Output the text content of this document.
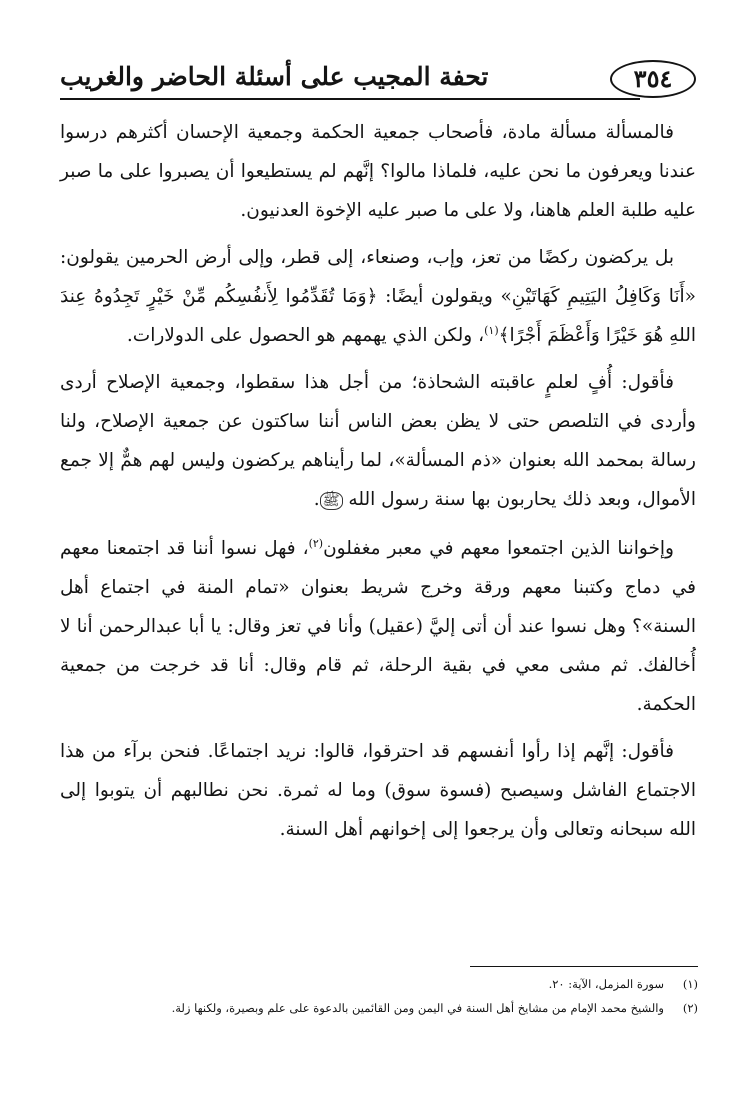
٣٥٤
تحفة المجيب على أسئلة الحاضر والغريب

فالمسألة مسألة مادة، فأصحاب جمعية الحكمة وجمعية الإحسان أكثرهم درسوا عندنا ويعرفون ما نحن عليه، فلماذا مالوا؟ إنَّهم لم يستطيعوا أن يصبروا على ما صبر عليه طلبة العلم هاهنا، ولا على ما صبر عليه الإخوة العدنيون.

بل يركضون ركضًا من تعز، وإب، وصنعاء، إلى قطر، وإلى أرض الحرمين يقولون: «أَنَا وَكَافِلُ اليَتِيمِ كَهَاتَيْنِ» ويقولون أيضًا: ﴿وَمَا تُقَدِّمُوا لِأَنفُسِكُم مِّنْ خَيْرٍ تَجِدُوهُ عِندَ اللهِ هُوَ خَيْرًا وَأَعْظَمَ أَجْرًا﴾$^{(١)}$، ولكن الذي يهمهم هو الحصول على الدولارات.

فأقول: أُفٍ لعلمٍ عاقبته الشحاذة؛ من أجل هذا سقطوا، وجمعية الإصلاح أردى وأردى في التلصص حتى لا يظن بعض الناس أننا ساكتون عن جمعية الإصلاح، ولنا رسالة بمحمد الله بعنوان «ذم المسألة»، لما رأيناهم يركضون وليس لهم همٌّ إلا جمع الأموال، وبعد ذلك يحاربون بها سنة رسول الله ﷺ.

وإخواننا الذين اجتمعوا معهم في معبر مغفلون$^{(٢)}$، فهل نسوا أننا قد اجتمعنا معهم في دماج وكتبنا معهم ورقة وخرج شريط بعنوان «تمام المنة في اجتماع أهل السنة»؟ وهل نسوا عند أن أتى إليَّ (عقيل) وأنا في تعز وقال: يا أبا عبدالرحمن أنا لا أُخالفك. ثم مشى معي في بقية الرحلة، ثم قام وقال: أنا قد خرجت من جمعية الحكمة.

فأقول: إنَّهم إذا رأوا أنفسهم قد احترقوا، قالوا: نريد اجتماعًا. فنحن برآء من هذا الاجتماع الفاشل وسيصبح (فسوة سوق) وما له ثمرة. نحن نطالبهم أن يتوبوا إلى الله سبحانه وتعالى وأن يرجعوا إلى إخوانهم أهل السنة.

(١)سورة المزمل، الآية: ٢٠.
(٢)والشيخ محمد الإمام من مشايخ أهل السنة في اليمن ومن القائمين بالدعوة على علم وبصيرة، ولكنها زلة.
